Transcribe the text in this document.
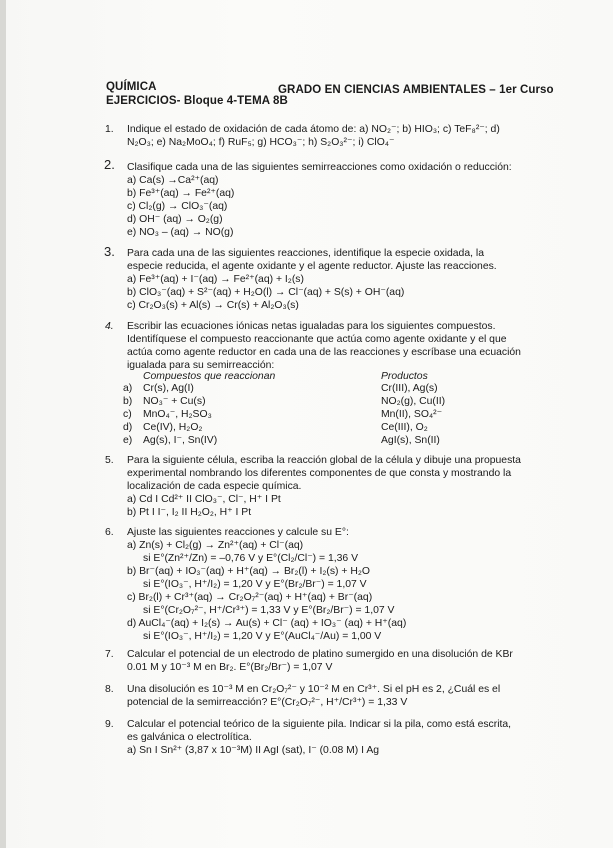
QUÍMICA	GRADO EN CIENCIAS AMBIENTALES – 1er Curso
EJERCICIOS- Bloque 4-TEMA 8B
1. Indique el estado de oxidación de cada átomo de: a) NO₂⁻; b) HIO₃; c) TeF₈²⁻; d)
N₂O₃; e) Na₂MoO₄; f) RuF₅; g) HCO₃⁻; h) S₂O₃²⁻; i) ClO₄⁻
2. Clasifique cada una de las siguientes semirreacciones como oxidación o reducción:
a) Ca(s) →Ca²⁺(aq)
b) Fe³⁺(aq) → Fe²⁺(aq)
c) Cl₂(g) → ClO₃⁻(aq)
d) OH⁻ (aq) → O₂(g)
e) NO₃ – (aq) → NO(g)
3. Para cada una de las siguientes reacciones, identifique la especie oxidada, la
especie reducida, el agente oxidante y el agente reductor. Ajuste las reacciones.
a) Fe³⁺(aq) + I⁻(aq) → Fe²⁺(aq) + I₂(s)
b) ClO₃⁻(aq) + S²⁻(aq) + H₂O(l) → Cl⁻(aq) + S(s) + OH⁻(aq)
c) Cr₂O₃(s) + Al(s) → Cr(s) + Al₂O₃(s)
4. Escribir las ecuaciones iónicas netas igualadas para los siguientes compuestos.
Identifíquese el compuesto reaccionante que actúa como agente oxidante y el que
actúa como agente reductor en cada una de las reacciones y escríbase una ecuación
igualada para su semirreacción:
Compuestos que reaccionan	Productos
a) Cr(s), Ag(I)	Cr(III), Ag(s)
b) NO₃⁻ + Cu(s)	NO₂(g), Cu(II)
c) MnO₄⁻, H₂SO₃	Mn(II), SO₄²⁻
d) Ce(IV), H₂O₂	Ce(III), O₂
e) Ag(s), I⁻, Sn(IV)	AgI(s), Sn(II)
5. Para la siguiente célula, escriba la reacción global de la célula y dibuje una propuesta
experimental nombrando los diferentes componentes de que consta y mostrando la
localización de cada especie química.
a) Cd I Cd²⁺ II ClO₃⁻, Cl⁻, H⁺ I Pt
b) Pt I I⁻, I₂ II H₂O₂, H⁺ I Pt
6. Ajuste las siguientes reacciones y calcule su E°:
a) Zn(s) + Cl₂(g) → Zn²⁺(aq) + Cl⁻(aq)
si E°(Zn²⁺/Zn) = –0,76 V y E°(Cl₂/Cl⁻) = 1,36 V
b) Br⁻(aq) + IO₃⁻(aq) + H⁺(aq) → Br₂(l) + I₂(s) + H₂O
si E°(IO₃⁻, H⁺/I₂) = 1,20 V y E°(Br₂/Br⁻) = 1,07 V
c) Br₂(l) + Cr³⁺(aq) → Cr₂O₇²⁻(aq) + H⁺(aq) + Br⁻(aq)
si E°(Cr₂O₇²⁻, H⁺/Cr³⁺) = 1,33 V y E°(Br₂/Br⁻) = 1,07 V
d) AuCl₄⁻(aq) + I₂(s) → Au(s) + Cl⁻ (aq) + IO₃⁻ (aq) + H⁺(aq)
si E°(IO₃⁻, H⁺/I₂) = 1,20 V y E°(AuCl₄⁻/Au) = 1,00 V
7. Calcular el potencial de un electrodo de platino sumergido en una disolución de KBr
0.01 M y 10⁻³ M en Br₂. E°(Br₂/Br⁻) = 1,07 V
8. Una disolución es 10⁻³ M en Cr₂O₇²⁻ y 10⁻² M en Cr³⁺. Si el pH es 2, ¿Cuál es el
potencial de la semirreacción? E°(Cr₂O₇²⁻, H⁺/Cr³⁺) = 1,33 V
9. Calcular el potencial teórico de la siguiente pila. Indicar si la pila, como está escrita,
es galvánica o electrolítica.
a) Sn I Sn²⁺ (3,87 x 10⁻³M) II AgI (sat), I⁻ (0.08 M) I Ag
